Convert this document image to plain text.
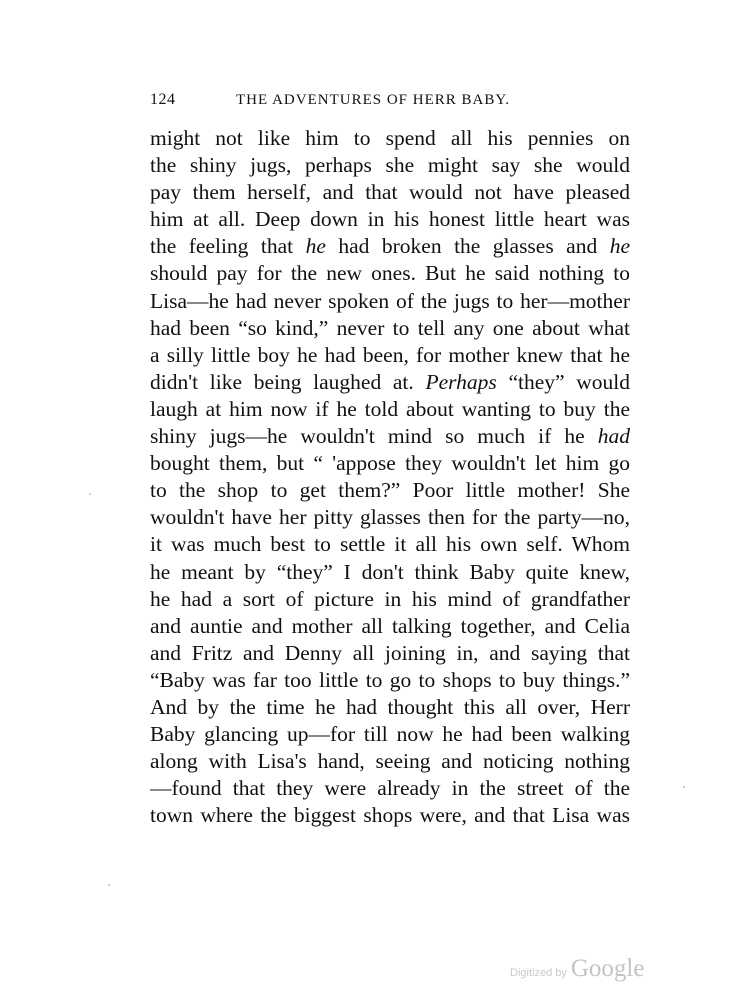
124	THE ADVENTURES OF HERR BABY.
might not like him to spend all his pennies on
the shiny jugs, perhaps she might say she would
pay them herself, and that would not have pleased
him at all. Deep down in his honest little heart was
the feeling that he had broken the glasses and he
should pay for the new ones. But he said nothing to
Lisa—he had never spoken of the jugs to her—mother
had been “so kind,” never to tell any one about what
a silly little boy he had been, for mother knew that he
didn't like being laughed at. Perhaps “they” would
laugh at him now if he told about wanting to buy the
shiny jugs—he wouldn't mind so much if he had
bought them, but “ 'appose they wouldn't let him go
to the shop to get them?” Poor little mother! She
wouldn't have her pitty glasses then for the party—no,
it was much best to settle it all his own self. Whom
he meant by “they” I don't think Baby quite knew,
he had a sort of picture in his mind of grandfather
and auntie and mother all talking together, and Celia
and Fritz and Denny all joining in, and saying that
“Baby was far too little to go to shops to buy things.”
And by the time he had thought this all over, Herr
Baby glancing up—for till now he had been walking
along with Lisa's hand, seeing and noticing nothing
—found that they were already in the street of the
town where the biggest shops were, and that Lisa was
Digitized by Google
